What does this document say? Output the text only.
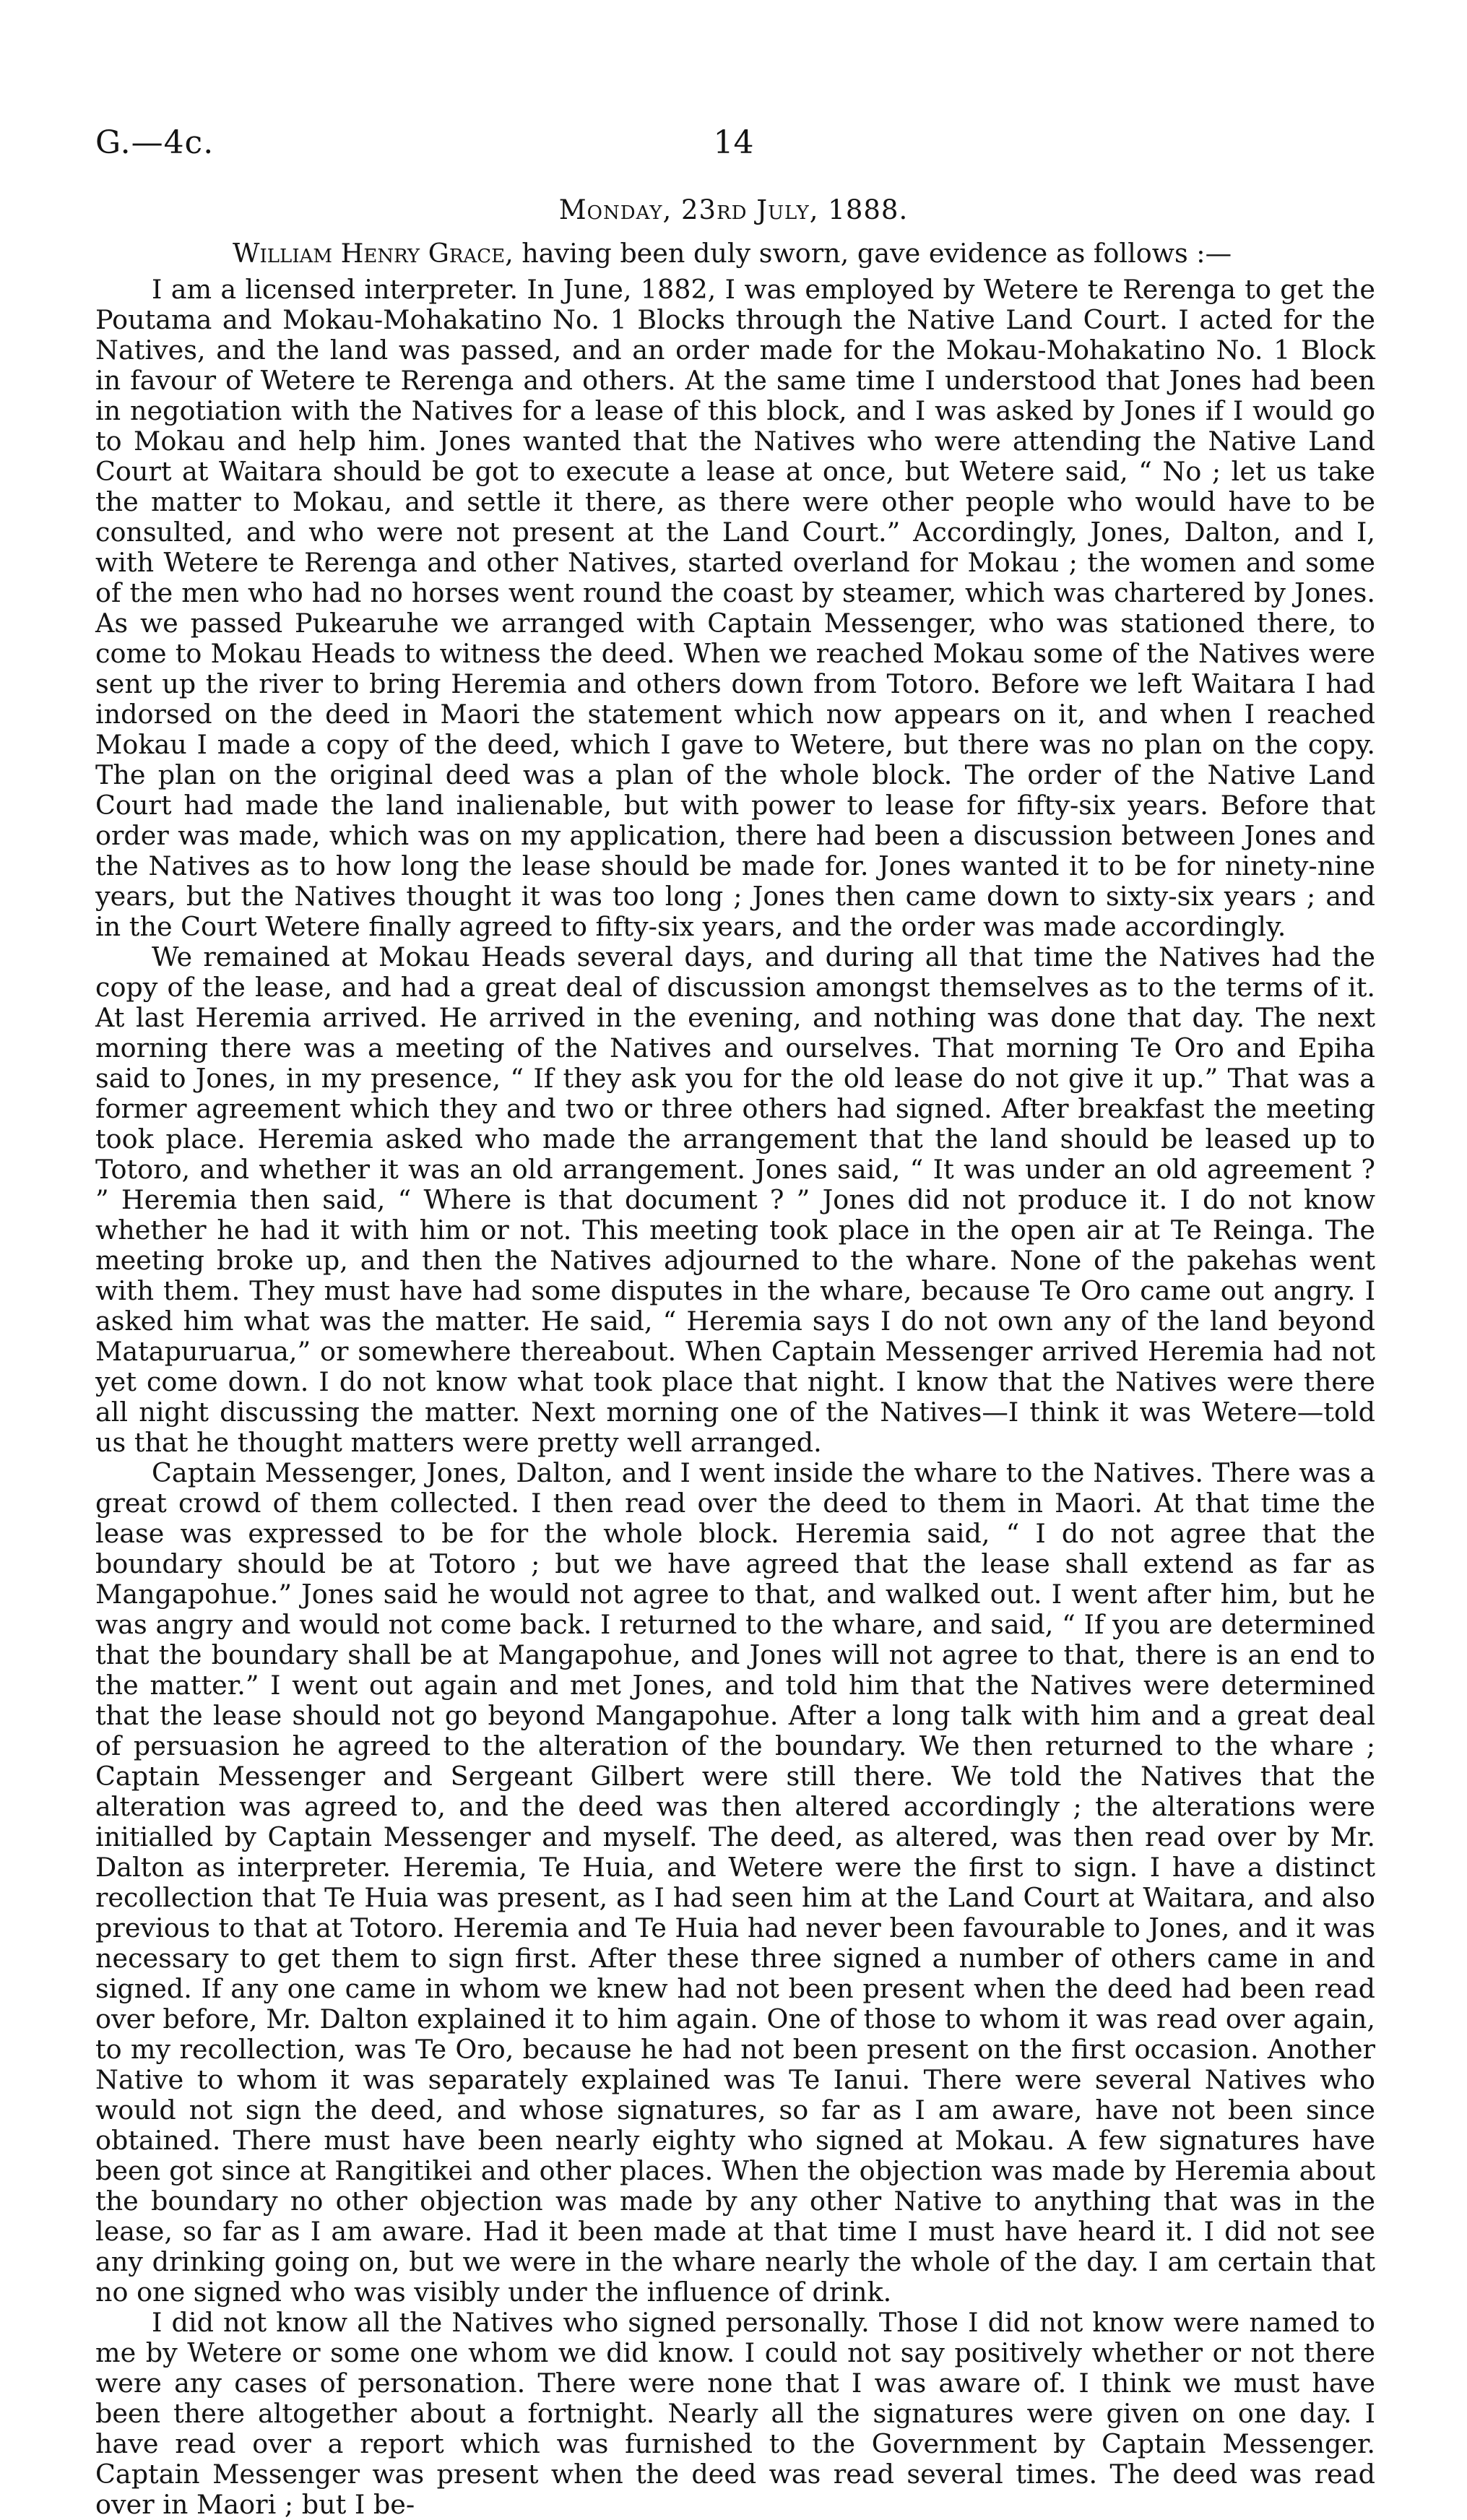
G.—4c.	14
Monday, 23rd July, 1888.

William Henry Grace, having been duly sworn, gave evidence as follows :—

I am a licensed interpreter. In June, 1882, I was employed by Wetere te Rerenga to get the Poutama and Mokau-Mohakatino No. 1 Blocks through the Native Land Court. I acted for the Natives, and the land was passed, and an order made for the Mokau-Mohakatino No. 1 Block in favour of Wetere te Rerenga and others. At the same time I understood that Jones had been in negotiation with the Natives for a lease of this block, and I was asked by Jones if I would go to Mokau and help him. Jones wanted that the Natives who were attending the Native Land Court at Waitara should be got to execute a lease at once, but Wetere said, “ No ; let us take the matter to Mokau, and settle it there, as there were other people who would have to be consulted, and who were not present at the Land Court.” Accordingly, Jones, Dalton, and I, with Wetere te Rerenga and other Natives, started overland for Mokau ; the women and some of the men who had no horses went round the coast by steamer, which was chartered by Jones. As we passed Pukearuhe we arranged with Captain Messenger, who was stationed there, to come to Mokau Heads to witness the deed. When we reached Mokau some of the Natives were sent up the river to bring Heremia and others down from Totoro. Before we left Waitara I had indorsed on the deed in Maori the statement which now appears on it, and when I reached Mokau I made a copy of the deed, which I gave to Wetere, but there was no plan on the copy. The plan on the original deed was a plan of the whole block. The order of the Native Land Court had made the land inalienable, but with power to lease for fifty-six years. Before that order was made, which was on my application, there had been a discussion between Jones and the Natives as to how long the lease should be made for. Jones wanted it to be for ninety-nine years, but the Natives thought it was too long ; Jones then came down to sixty-six years ; and in the Court Wetere finally agreed to fifty-six years, and the order was made accordingly.

We remained at Mokau Heads several days, and during all that time the Natives had the copy of the lease, and had a great deal of discussion amongst themselves as to the terms of it. At last Heremia arrived. He arrived in the evening, and nothing was done that day. The next morning there was a meeting of the Natives and ourselves. That morning Te Oro and Epiha said to Jones, in my presence, “ If they ask you for the old lease do not give it up.” That was a former agreement which they and two or three others had signed. After breakfast the meeting took place. Heremia asked who made the arrangement that the land should be leased up to Totoro, and whether it was an old arrangement. Jones said, “ It was under an old agreement ? ” Heremia then said, “ Where is that document ? ” Jones did not produce it. I do not know whether he had it with him or not. This meeting took place in the open air at Te Reinga. The meeting broke up, and then the Natives adjourned to the whare. None of the pakehas went with them. They must have had some disputes in the whare, because Te Oro came out angry. I asked him what was the matter. He said, “ Heremia says I do not own any of the land beyond Matapuruarua,” or somewhere thereabout. When Captain Messenger arrived Heremia had not yet come down. I do not know what took place that night. I know that the Natives were there all night discussing the matter. Next morning one of the Natives—I think it was Wetere—told us that he thought matters were pretty well arranged.

Captain Messenger, Jones, Dalton, and I went inside the whare to the Natives. There was a great crowd of them collected. I then read over the deed to them in Maori. At that time the lease was expressed to be for the whole block. Heremia said, “ I do not agree that the boundary should be at Totoro ; but we have agreed that the lease shall extend as far as Mangapohue.” Jones said he would not agree to that, and walked out. I went after him, but he was angry and would not come back. I returned to the whare, and said, “ If you are determined that the boundary shall be at Mangapohue, and Jones will not agree to that, there is an end to the matter.” I went out again and met Jones, and told him that the Natives were determined that the lease should not go beyond Mangapohue. After a long talk with him and a great deal of persuasion he agreed to the alteration of the boundary. We then returned to the whare ; Captain Messenger and Sergeant Gilbert were still there. We told the Natives that the alteration was agreed to, and the deed was then altered accordingly ; the alterations were initialled by Captain Messenger and myself. The deed, as altered, was then read over by Mr. Dalton as interpreter. Heremia, Te Huia, and Wetere were the first to sign. I have a distinct recollection that Te Huia was present, as I had seen him at the Land Court at Waitara, and also previous to that at Totoro. Heremia and Te Huia had never been favourable to Jones, and it was necessary to get them to sign first. After these three signed a number of others came in and signed. If any one came in whom we knew had not been present when the deed had been read over before, Mr. Dalton explained it to him again. One of those to whom it was read over again, to my recollection, was Te Oro, because he had not been present on the first occasion. Another Native to whom it was separately explained was Te Ianui. There were several Natives who would not sign the deed, and whose signatures, so far as I am aware, have not been since obtained. There must have been nearly eighty who signed at Mokau. A few signatures have been got since at Rangitikei and other places. When the objection was made by Heremia about the boundary no other objection was made by any other Native to anything that was in the lease, so far as I am aware. Had it been made at that time I must have heard it. I did not see any drinking going on, but we were in the whare nearly the whole of the day. I am certain that no one signed who was visibly under the influence of drink.

I did not know all the Natives who signed personally. Those I did not know were named to me by Wetere or some one whom we did know. I could not say positively whether or not there were any cases of personation. There were none that I was aware of. I think we must have been there altogether about a fortnight. Nearly all the signatures were given on one day. I have read over a report which was furnished to the Government by Captain Messenger. Captain Messenger was present when the deed was read several times. The deed was read over in Maori ; but I be-
